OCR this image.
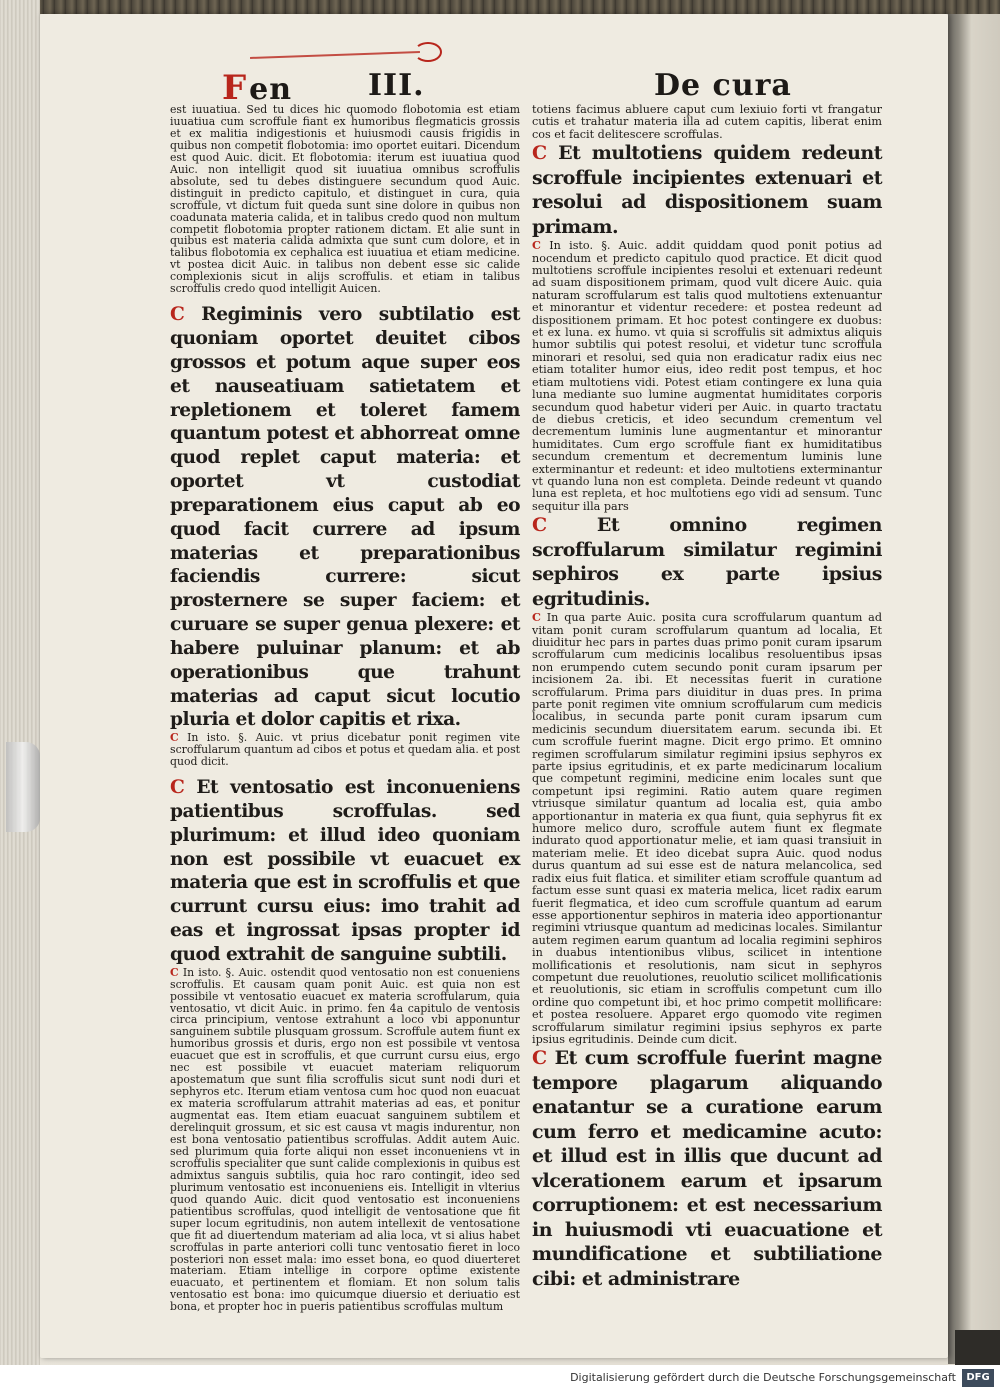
Fen	III.	De cura

est iuuatiua. Sed tu dices hic quomodo flobotomia est etiam iuuatiua cum scroffule fiant ex humoribus flegmaticis grossis et ex malitia indigestionis et huiusmodi causis frigidis in quibus non competit flobotomia: imo oportet euitari. Dicendum est quod Auic. dicit. Et flobotomia: iterum est iuuatiua quod Auic. non intelligit quod sit iuuatiua omnibus scroffulis absolute, sed tu debes distinguere secundum quod Auic. distinguit in predicto capitulo, et distinguet in cura, quia scroffule, vt dictum fuit queda sunt sine dolore in quibus non coadunata materia calida, et in talibus credo quod non multum competit flobotomia propter rationem dictam. Et alie sunt in quibus est materia calida admixta que sunt cum dolore, et in talibus flobotomia ex cephalica est iuuatiua et etiam medicine. vt postea dicit Auic. in talibus non debent esse sic calide complexionis sicut in alijs scroffulis. et etiam in talibus scroffulis credo quod intelligit Auicen.

C Regiminis vero subtilatio est quoniam oportet deuitet cibos grossos et potum aque super eos et nauseatiuam satietatem et repletionem et toleret famem quantum potest et abhorreat omne quod replet caput materia: et oportet vt custodiat preparationem eius caput ab eo quod facit currere ad ipsum materias et preparationibus faciendis currere: sicut prosternere se super faciem: et curuare se super genua plexere: et habere puluinar planum: et ab operationibus que trahunt materias ad caput sicut locutio pluria et dolor capitis et rixa.

C In isto. §. Auic. vt prius dicebatur ponit regimen vite scroffularum quantum ad cibos et potus et quedam alia. et post quod dicit.

C Et ventosatio est inconueniens patientibus scroffulas. sed plurimum: et illud ideo quoniam non est possibile vt euacuet ex materia que est in scroffulis et que currunt cursu eius: imo trahit ad eas et ingrossat ipsas propter id quod extrahit de sanguine subtili.

C In isto. §. Auic. ostendit quod ventosatio non est conueniens scroffulis. Et causam quam ponit Auic. est quia non est possibile vt ventosatio euacuet ex materia scroffularum, quia ventosatio, vt dicit Auic. in primo. fen 4a capitulo de ventosis circa principium, ventose extrahunt a loco vbi apponuntur sanguinem subtile plusquam grossum. Scroffule autem fiunt ex humoribus grossis et duris, ergo non est possibile vt ventosa euacuet que est in scroffulis, et que currunt cursu eius, ergo nec est possibile vt euacuet materiam reliquorum apostematum que sunt filia scroffulis sicut sunt nodi duri et sephyros etc. Iterum etiam ventosa cum hoc quod non euacuat ex materia scroffularum attrahit materias ad eas, et ponitur augmentat eas. Item etiam euacuat sanguinem subtilem et derelinquit grossum, et sic est causa vt magis indurentur, non est bona ventosatio patientibus scroffulas. Addit autem Auic. sed plurimum quia forte aliqui non esset inconueniens vt in scroffulis specialiter que sunt calide complexionis in quibus est admixtus sanguis subtilis, quia hoc raro contingit, ideo sed plurimum ventosatio est inconueniens eis. Intelligit in vlterius quod quando Auic. dicit quod ventosatio est inconueniens patientibus scroffulas, quod intelligit de ventosatione que fit super locum egritudinis, non autem intellexit de ventosatione que fit ad diuertendum materiam ad alia loca, vt si alius habet scroffulas in parte anteriori colli tunc ventosatio fieret in loco posteriori non esset mala: imo esset bona, eo quod diuerteret materiam. Etiam intellige in corpore optime existente euacuato, et pertinentem et flomiam. Et non solum talis ventosatio est bona: imo quicumque diuersio et deriuatio est bona, et propter hoc in pueris patientibus scroffulas multum

totiens facimus abluere caput cum lexiuio forti vt frangatur cutis et trahatur materia illa ad cutem capitis, liberat enim cos et facit delitescere scroffulas.

C Et multotiens quidem redeunt scroffule incipientes extenuari et resolui ad dispositionem suam primam.

C In isto. §. Auic. addit quiddam quod ponit potius ad nocendum et predicto capitulo quod practice. Et dicit quod multotiens scroffule incipientes resolui et extenuari redeunt ad suam dispositionem primam, quod vult dicere Auic. quia naturam scroffularum est talis quod multotiens extenuantur et minorantur et videntur recedere: et postea redeunt ad dispositionem primam. Et hoc potest contingere ex duobus: et ex luna. ex humo. vt quia si scroffulis sit admixtus aliquis humor subtilis qui potest resolui, et videtur tunc scroffula minorari et resolui, sed quia non eradicatur radix eius nec etiam totaliter humor eius, ideo redit post tempus, et hoc etiam multotiens vidi. Potest etiam contingere ex luna quia luna mediante suo lumine augmentat humiditates corporis secundum quod habetur videri per Auic. in quarto tractatu de diebus creticis, et ideo secundum crementum vel decrementum luminis lune augmentantur et minorantur humiditates. Cum ergo scroffule fiant ex humiditatibus secundum crementum et decrementum luminis lune exterminantur et redeunt: et ideo multotiens exterminantur vt quando luna non est completa. Deinde redeunt vt quando luna est repleta, et hoc multotiens ego vidi ad sensum. Tunc sequitur illa pars

C	Et omnino regimen scroffularum similatur regimini sephiros ex parte ipsius egritudinis.

C In qua parte Auic. posita cura scroffularum quantum ad vitam ponit curam scroffularum quantum ad localia, Et diuiditur hec pars in partes duas primo ponit curam ipsarum scroffularum cum medicinis localibus resoluentibus ipsas non erumpendo cutem secundo ponit curam ipsarum per incisionem 2a. ibi. Et necessitas fuerit in curatione scroffularum. Prima pars diuiditur in duas pres. In prima parte ponit regimen vite omnium scroffularum cum medicis localibus, in secunda parte ponit curam ipsarum cum medicinis secundum diuersitatem earum. secunda ibi. Et cum scroffule fuerint magne. Dicit ergo primo. Et omnino regimen scroffularum similatur regimini ipsius sephyros ex parte ipsius egritudinis, et ex parte medicinarum localium que competunt regimini, medicine enim locales sunt que competunt ipsi regimini. Ratio autem quare regimen vtriusque similatur quantum ad localia est, quia ambo apportionantur in materia ex qua fiunt, quia sephyrus fit ex humore melico duro, scroffule autem fiunt ex flegmate indurato quod apportionatur melie, et iam quasi transiuit in materiam melie. Et ideo dicebat supra Auic. quod nodus durus quantum ad sui esse est de natura melancolica, sed radix eius fuit flatica. et similiter etiam scroffule quantum ad factum esse sunt quasi ex materia melica, licet radix earum fuerit flegmatica, et ideo cum scroffule quantum ad earum esse apportionentur sephiros in materia ideo apportionantur regimini vtriusque quantum ad medicinas locales. Similantur autem regimen earum quantum ad localia regimini sephiros in duabus intentionibus vlibus, scilicet in intentione mollificationis et resolutionis, nam sicut in sephyros competunt due reuolutiones, reuolutio scilicet mollificationis et reuolutionis, sic etiam in scroffulis competunt cum illo ordine quo competunt ibi, et hoc primo competit mollificare: et postea resoluere. Apparet ergo quomodo vite regimen scroffularum similatur regimini ipsius sephyros ex parte ipsius egritudinis. Deinde cum dicit.

C Et cum scroffule fuerint magne tempore plagarum aliquando enatantur se a curatione earum cum ferro et medicamine acuto: et illud est in illis que ducunt ad vlcerationem earum et ipsarum corruptionem: et est necessarium in huiusmodi vti euacuatione et mundificatione et subtiliatione cibi: et administrare

Digitalisierung gefördert durch die Deutsche Forschungsgemeinschaft	DFG
